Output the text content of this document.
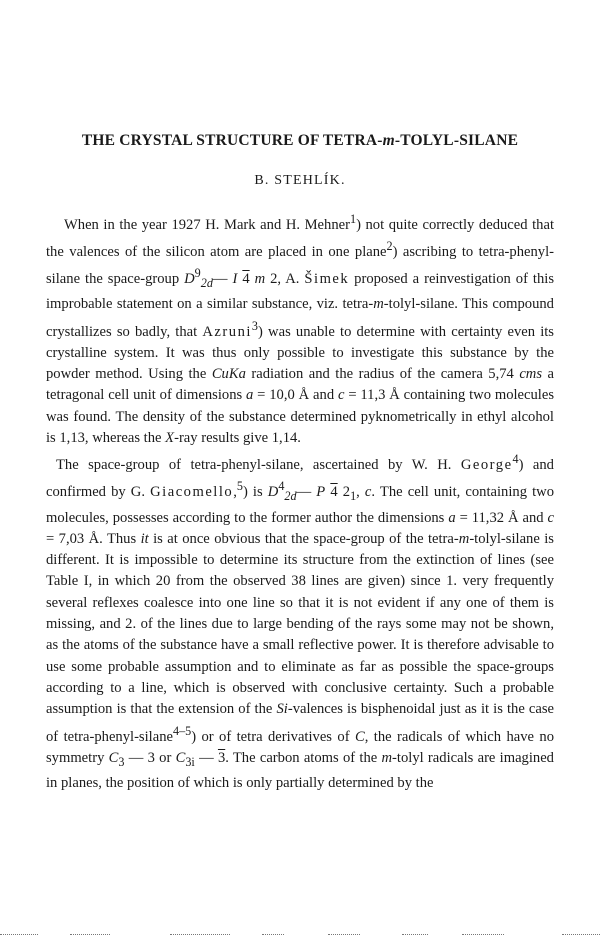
THE CRYSTAL STRUCTURE OF TETRA-m-TOLYL-SILANE
B. STEHLÍK.
When in the year 1927 H. Mark and H. Mehner$^1$) not quite correctly deduced that the valences of the silicon atom are placed in one plane$^2$) ascribing to tetra-phenyl-silane the space-group $D^9_{2d}—$ I 4 m 2, A. Šimek proposed a reinvestigation of this improbable statement on a similar substance, viz. tetra-m-tolyl-silane. This compound crystallizes so badly, that Azruni$^3$) was unable to determine with certainty even its crystalline system. It was thus only possible to investigate this substance by the powder method. Using the CuKa radiation and the radius of the camera 5,74 cms a tetragonal cell unit of dimensions a = 10,0 Å and c = 11,3 Å containing two molecules was found. The density of the substance determined pyknometrically in ethyl alcohol is 1,13, whereas the X-ray results give 1,14.
The space-group of tetra-phenyl-silane, ascertained by W. H. George$^4$) and confirmed by G. Giacomello,$^5$) is $D^4_{2d}—$ P 4 $2_1$, c. The cell unit, containing two molecules, possesses according to the former author the dimensions a = 11,32 Å and c = 7,03 Å. Thus it is at once obvious that the space-group of the tetra-m-tolyl-silane is different. It is impossible to determine its structure from the extinction of lines (see Table I, in which 20 from the observed 38 lines are given) since 1. very frequently several reflexes coalesce into one line so that it is not evident if any one of them is missing, and 2. of the lines due to large bending of the rays some may not be shown, as the atoms of the substance have a small reflective power. It is therefore advisable to use some probable assumption and to eliminate as far as possible the space-groups according to a line, which is observed with conclusive certainty. Such a probable assumption is that the extension of the Si-valences is bisphenoidal just as it is the case of tetra-phenyl-silane$^{4-5}$) or of tetra derivatives of C, the radicals of which have no symmetry $C_3$ — 3 or $C_{3i}$ — 3. The carbon atoms of the m-tolyl radicals are imagined in planes, the position of which is only partially determined by the
